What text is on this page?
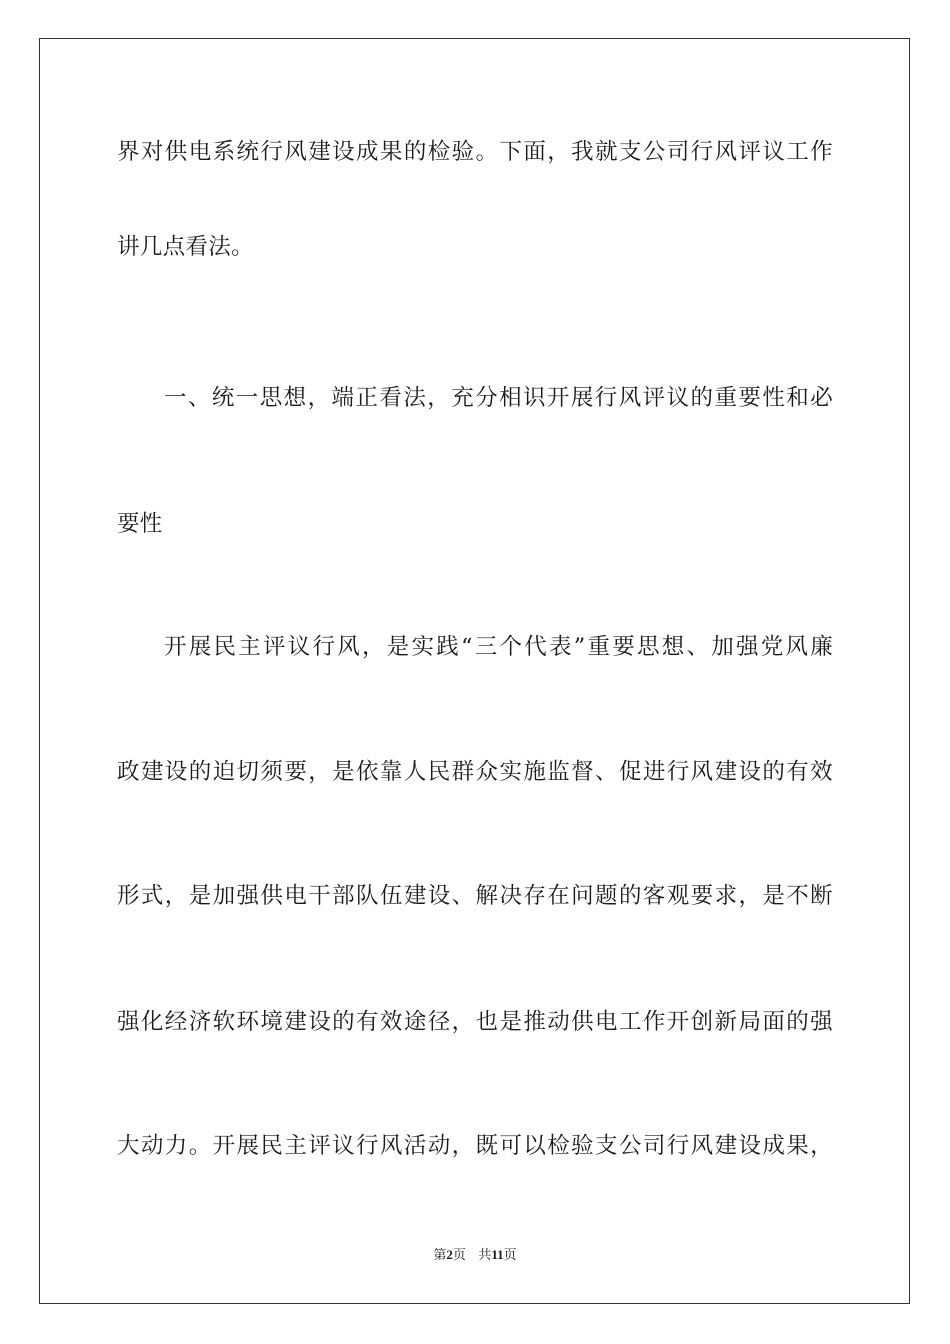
界对供电系统行风建设成果的检验。下面，我就支公司行风评议工作
讲几点看法。
一、统一思想，端正看法，充分相识开展行风评议的重要性和必
要性
开展民主评议行风，是实践“三个代表”重要思想、加强党风廉
政建设的迫切须要，是依靠人民群众实施监督、促进行风建设的有效
形式，是加强供电干部队伍建设、解决存在问题的客观要求，是不断
强化经济软环境建设的有效途径，也是推动供电工作开创新局面的强
大动力。开展民主评议行风活动，既可以检验支公司行风建设成果，
第2页 共11页
